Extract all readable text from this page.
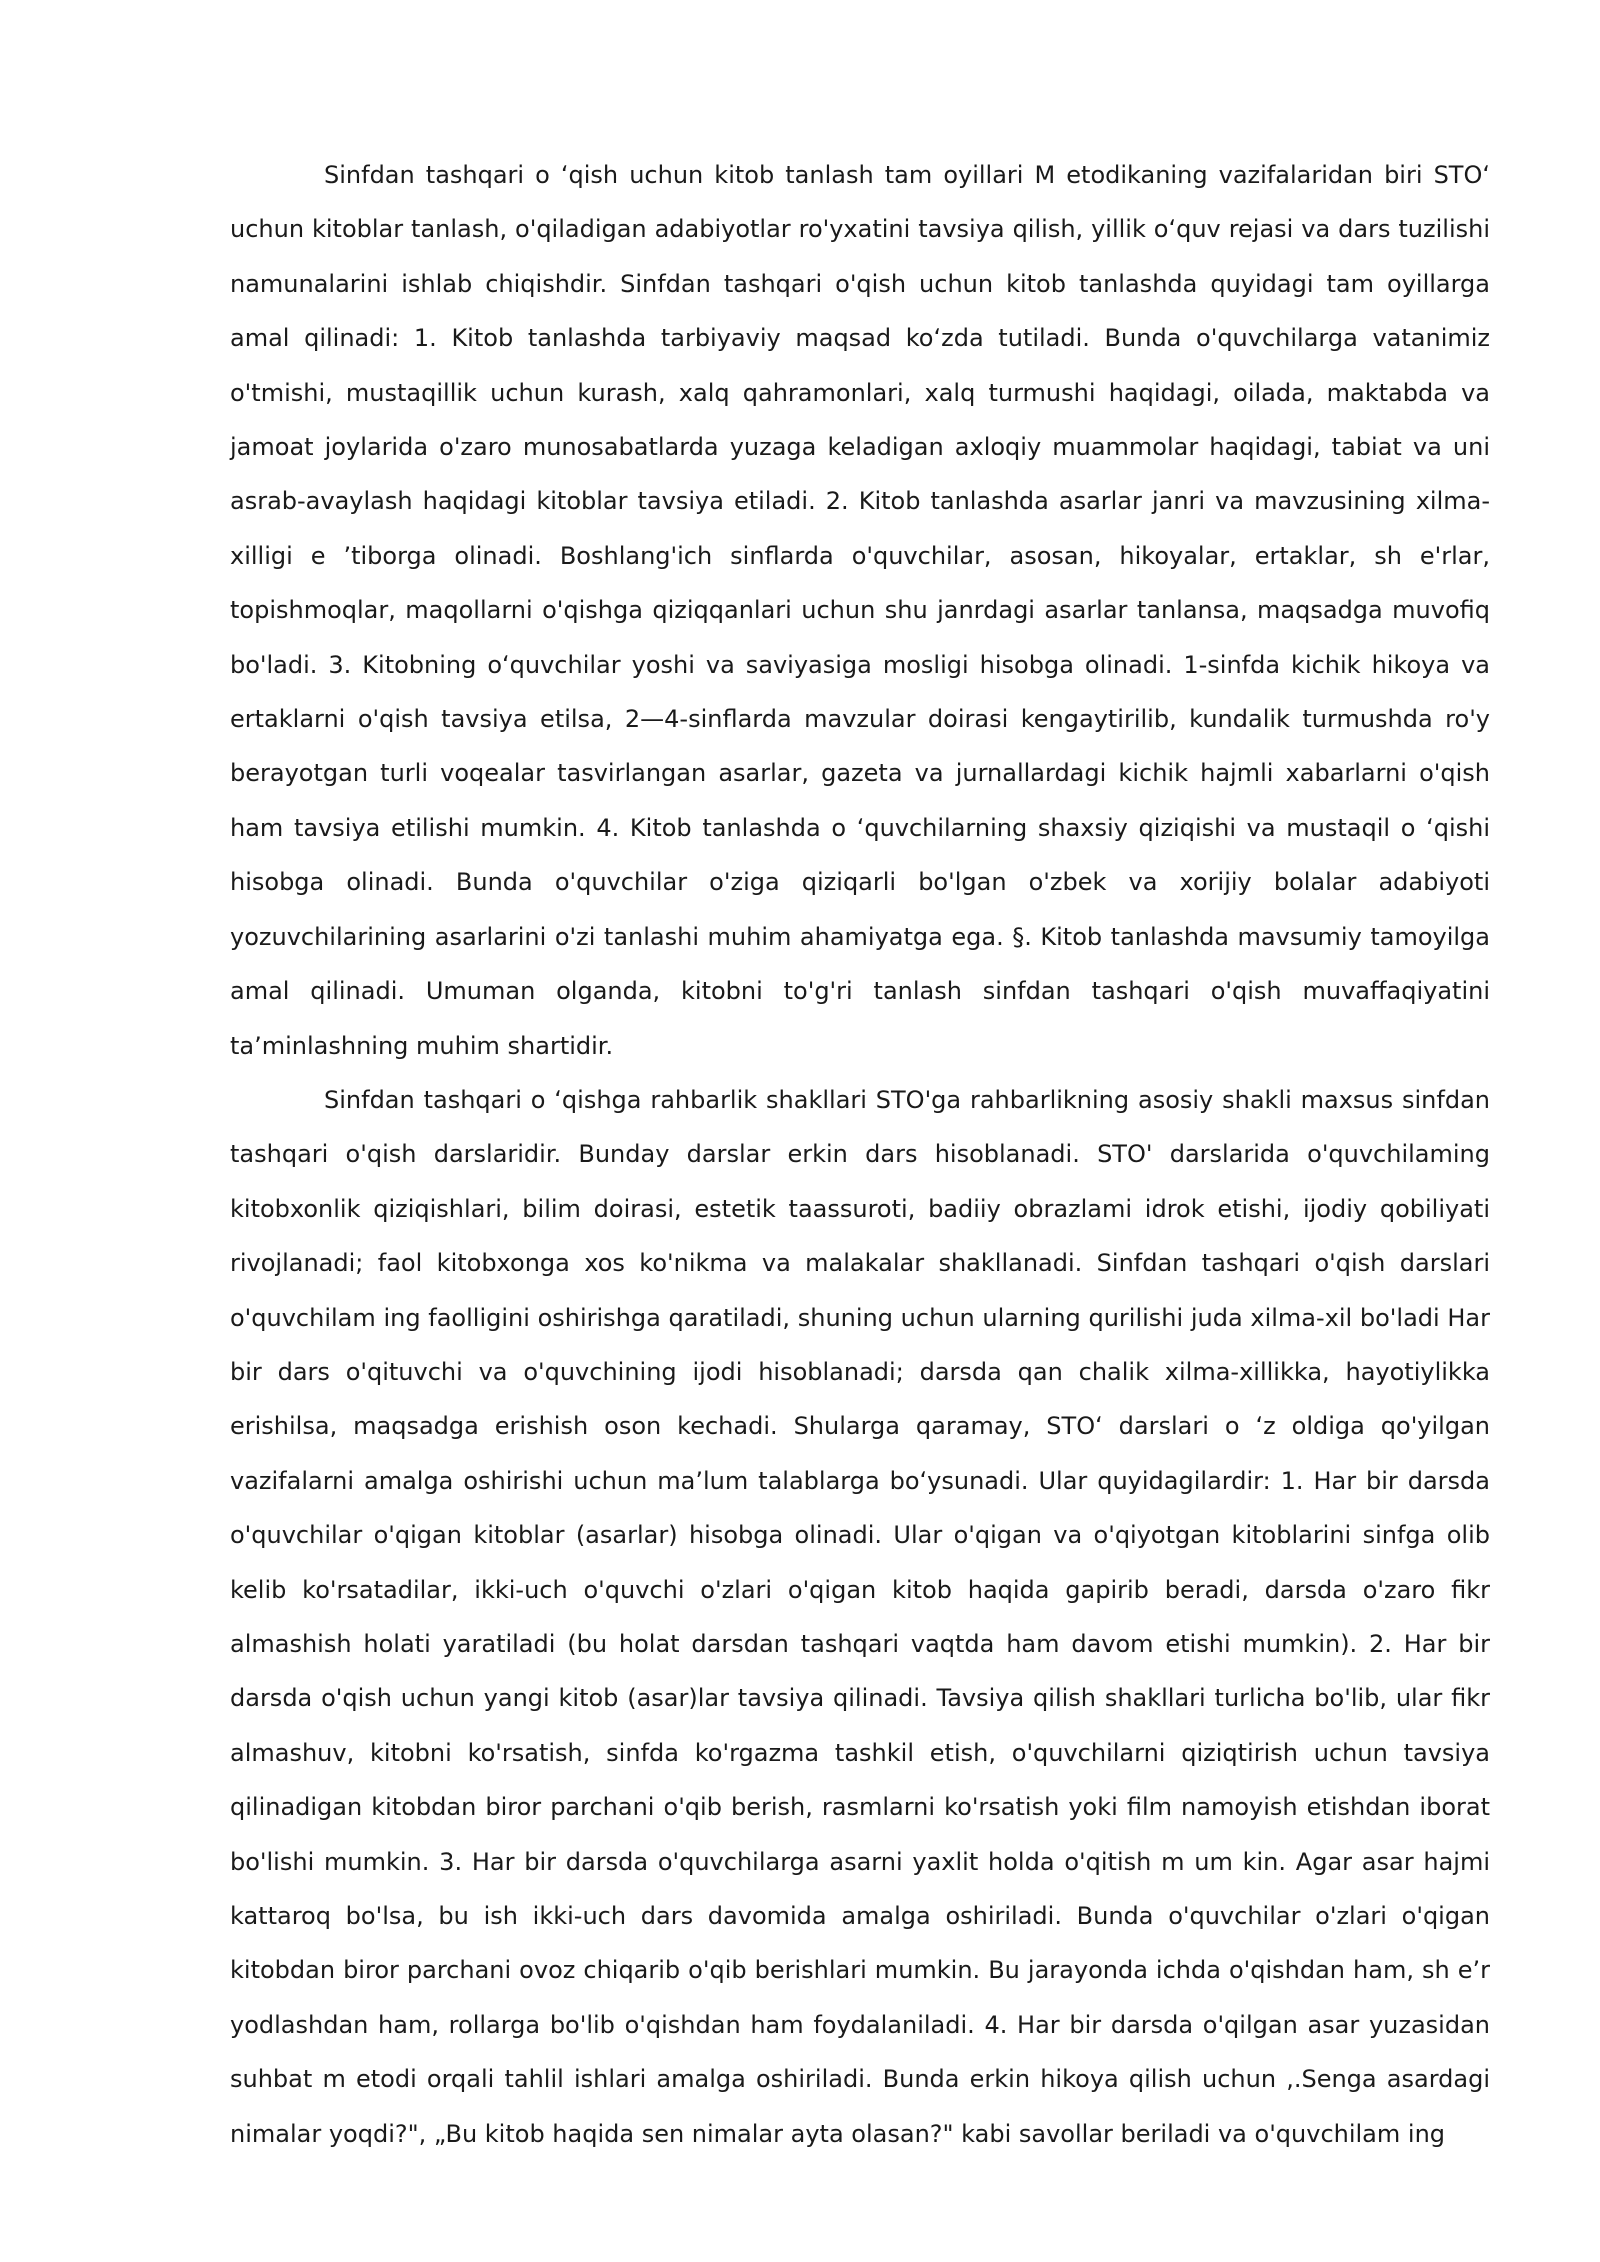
Sinfdan tashqari o ʻqish uchun kitob tanlash tam oyillari M etodikaning vazifalaridan biri STOʻ uchun kitoblar tanlash, o'qiladigan adabiyotlar ro'yxatini tavsiya qilish, yillik oʻquv rejasi va dars tuzilishi namunalarini ishlab chiqishdir. Sinfdan tashqari o'qish uchun kitob tanlashda quyidagi tam oyillarga amal qilinadi: 1. Kitob tanlashda tarbiyaviy maqsad koʻzda tutiladi. Bunda o'quvchilarga vatanimiz o'tmishi, mustaqillik uchun kurash, xalq qahramonlari, xalq turmushi haqidagi, oilada, maktabda va jamoat joylarida o'zaro munosabatlarda yuzaga keladigan axloqiy muammolar haqidagi, tabiat va uni asrab-avaylash haqidagi kitoblar tavsiya etiladi. 2. Kitob tanlashda asarlar janri va mavzusining xilma-xilligi e ’tiborga olinadi. Boshlang'ich sinflarda o'quvchilar, asosan, hikoyalar, ertaklar, sh e'rlar, topishmoqlar, maqollarni o'qishga qiziqqanlari uchun shu janrdagi asarlar tanlansa, maqsadga muvofiq bo'ladi. 3. Kitobning oʻquvchilar yoshi va saviyasiga mosligi hisobga olinadi. 1-sinfda kichik hikoya va ertaklarni o'qish tavsiya etilsa, 2—4-sinflarda mavzular doirasi kengaytirilib, kundalik turmushda ro'y berayotgan turli voqealar tasvirlangan asarlar, gazeta va jurnallardagi kichik hajmli xabarlarni o'qish ham tavsiya etilishi mumkin. 4. Kitob tanlashda o ʻquvchilarning shaxsiy qiziqishi va mustaqil o ʻqishi hisobga olinadi. Bunda o'quvchilar o'ziga qiziqarli bo'lgan o'zbek va xorijiy bolalar adabiyoti yozuvchilarining asarlarini o'zi tanlashi muhim ahamiyatga ega. §. Kitob tanlashda mavsumiy tamoyilga amal qilinadi. Umuman olganda, kitobni to'g'ri tanlash sinfdan tashqari o'qish muvaffaqiyatini ta’minlashning muhim shartidir.

Sinfdan tashqari o ʻqishga rahbarlik shakllari STO'ga rahbarlikning asosiy shakli maxsus sinfdan tashqari o'qish darslaridir. Bunday darslar erkin dars hisoblanadi. STO' darslarida o'quvchilaming kitobxonlik qiziqishlari, bilim doirasi, estetik taassuroti, badiiy obrazlami idrok etishi, ijodiy qobiliyati rivojlanadi; faol kitobxonga xos ko'nikma va malakalar shakllanadi. Sinfdan tashqari o'qish darslari o'quvchilam ing faolligini oshirishga qaratiladi, shuning uchun ularning qurilishi juda xilma-xil bo'ladi Har bir dars o'qituvchi va o'quvchining ijodi hisoblanadi; darsda qan chalik xilma-xillikka, hayotiylikka erishilsa, maqsadga erishish oson kechadi. Shularga qaramay, STOʻ darslari o ʻz oldiga qo'yilgan vazifalarni amalga oshirishi uchun ma’lum talablarga boʻysunadi. Ular quyidagilardir: 1. Har bir darsda o'quvchilar o'qigan kitoblar (asarlar) hisobga olinadi. Ular o'qigan va o'qiyotgan kitoblarini sinfga olib kelib ko'rsatadilar, ikki-uch o'quvchi o'zlari o'qigan kitob haqida gapirib beradi, darsda o'zaro fikr almashish holati yaratiladi (bu holat darsdan tashqari vaqtda ham davom etishi mumkin). 2. Har bir darsda o'qish uchun yangi kitob (asar)lar tavsiya qilinadi. Tavsiya qilish shakllari turlicha bo'lib, ular fikr almashuv, kitobni ko'rsatish, sinfda ko'rgazma tashkil etish, o'quvchilarni qiziqtirish uchun tavsiya qilinadigan kitobdan biror parchani o'qib berish, rasmlarni ko'rsatish yoki film namoyish etishdan iborat bo'lishi mumkin. 3. Har bir darsda o'quvchilarga asarni yaxlit holda o'qitish m um kin. Agar asar hajmi kattaroq bo'lsa, bu ish ikki-uch dars davomida amalga oshiriladi. Bunda o'quvchilar o'zlari o'qigan kitobdan biror parchani ovoz chiqarib o'qib berishlari mumkin. Bu jarayonda ichda o'qishdan ham, sh e’r yodlashdan ham, rollarga bo'lib o'qishdan ham foydalaniladi. 4. Har bir darsda o'qilgan asar yuzasidan suhbat m etodi orqali tahlil ishlari amalga oshiriladi. Bunda erkin hikoya qilish uchun ,.Senga asardagi nimalar yoqdi?", „Bu kitob haqida sen nimalar ayta olasan?" kabi savollar beriladi va o'quvchilam ing
